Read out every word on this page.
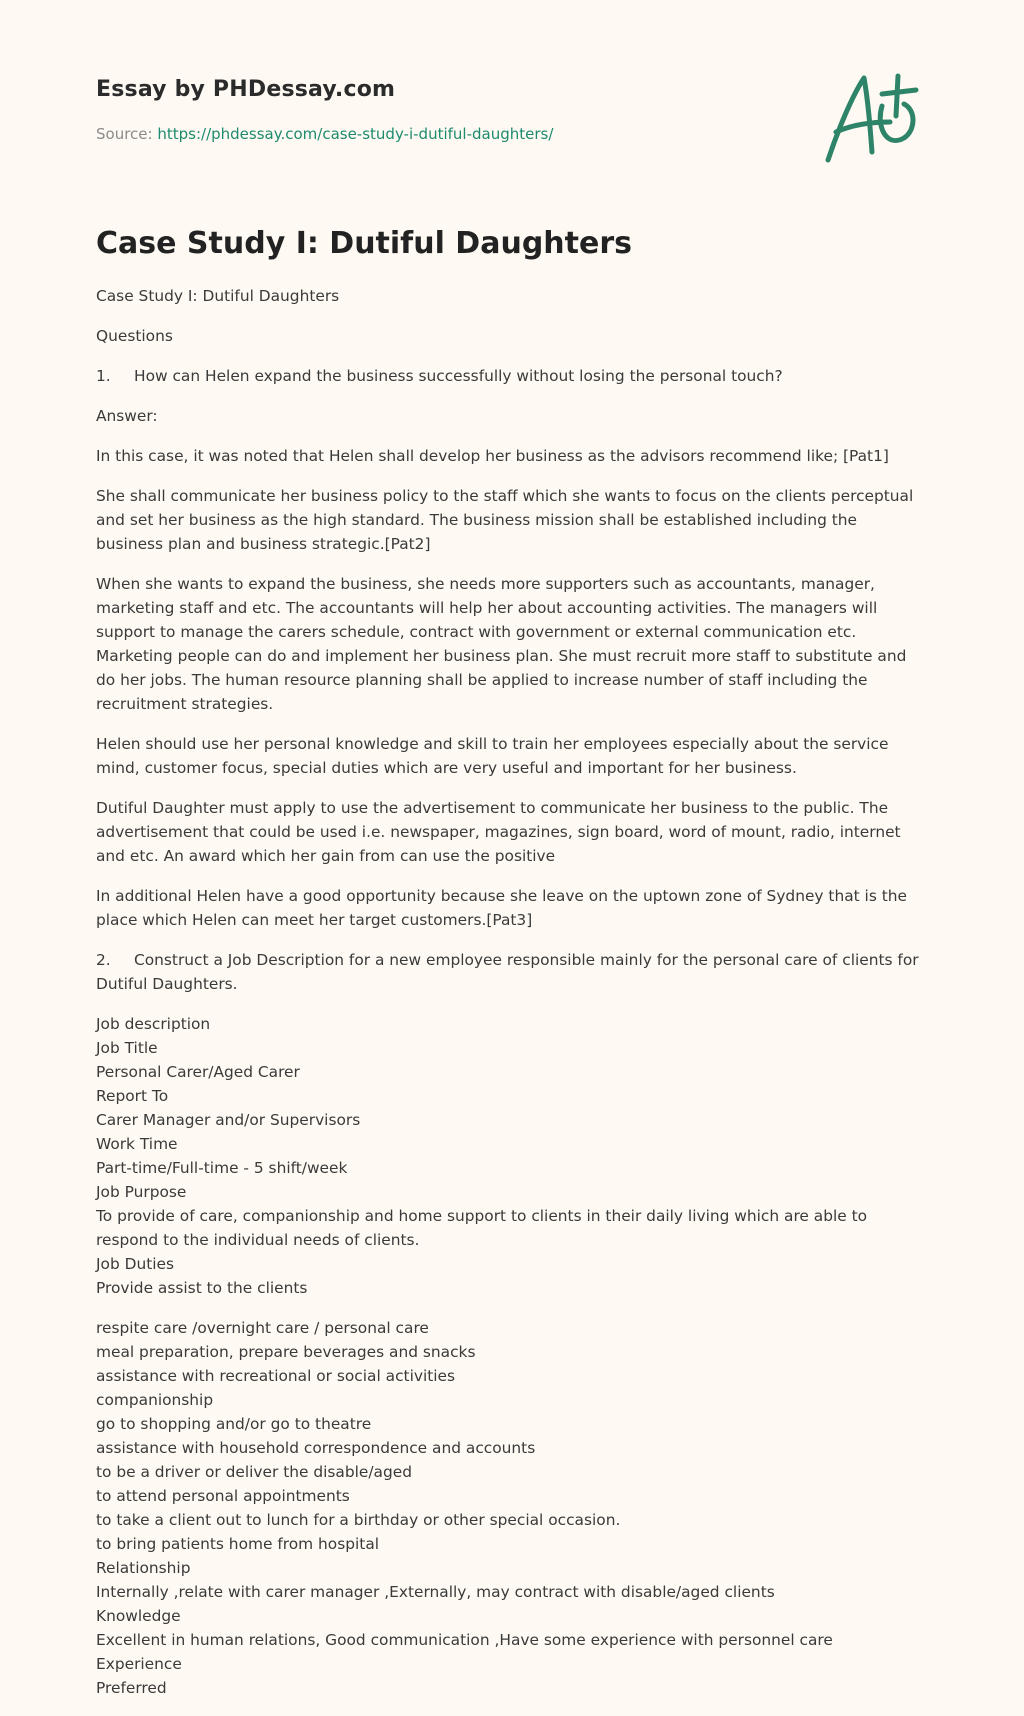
Essay by PHDessay.com
Source: https://phdessay.com/case-study-i-dutiful-daughters/
Case Study I: Dutiful Daughters

Case Study I: Dutiful Daughters

Questions

1. How can Helen expand the business successfully without losing the personal touch?

Answer:

In this case, it was noted that Helen shall develop her business as the advisors recommend like; [Pat1]

She shall communicate her business policy to the staff which she wants to focus on the clients perceptual and set her business as the high standard. The business mission shall be established including the business plan and business strategic.[Pat2]

When she wants to expand the business, she needs more supporters such as accountants, manager, marketing staff and etc. The accountants will help her about accounting activities. The managers will support to manage the carers schedule, contract with government or external communication etc. Marketing people can do and implement her business plan. She must recruit more staff to substitute and do her jobs. The human resource planning shall be applied to increase number of staff including the recruitment strategies.

Helen should use her personal knowledge and skill to train her employees especially about the service mind, customer focus, special duties which are very useful and important for her business.

Dutiful Daughter must apply to use the advertisement to communicate her business to the public. The advertisement that could be used i.e. newspaper, magazines, sign board, word of mount, radio, internet and etc. An award which her gain from can use the positive

In additional Helen have a good opportunity because she leave on the uptown zone of Sydney that is the place which Helen can meet her target customers.[Pat3]

2. Construct a Job Description for a new employee responsible mainly for the personal care of clients for Dutiful Daughters.

Job description
Job Title
Personal Carer/Aged Carer
Report To
Carer Manager and/or Supervisors
Work Time
Part-time/Full-time - 5 shift/week
Job Purpose
To provide of care, companionship and home support to clients in their daily living which are able to respond to the individual needs of clients.
Job Duties
Provide assist to the clients
respite care /overnight care / personal care
meal preparation, prepare beverages and snacks
assistance with recreational or social activities
companionship
go to shopping and/or go to theatre
assistance with household correspondence and accounts
to be a driver or deliver the disable/aged
to attend personal appointments
to take a client out to lunch for a birthday or other special occasion.
to bring patients home from hospital
Relationship
Internally ,relate with carer manager ,Externally, may contract with disable/aged clients
Knowledge
Excellent in human relations, Good communication ,Have some experience with personnel care
Experience
Preferred
